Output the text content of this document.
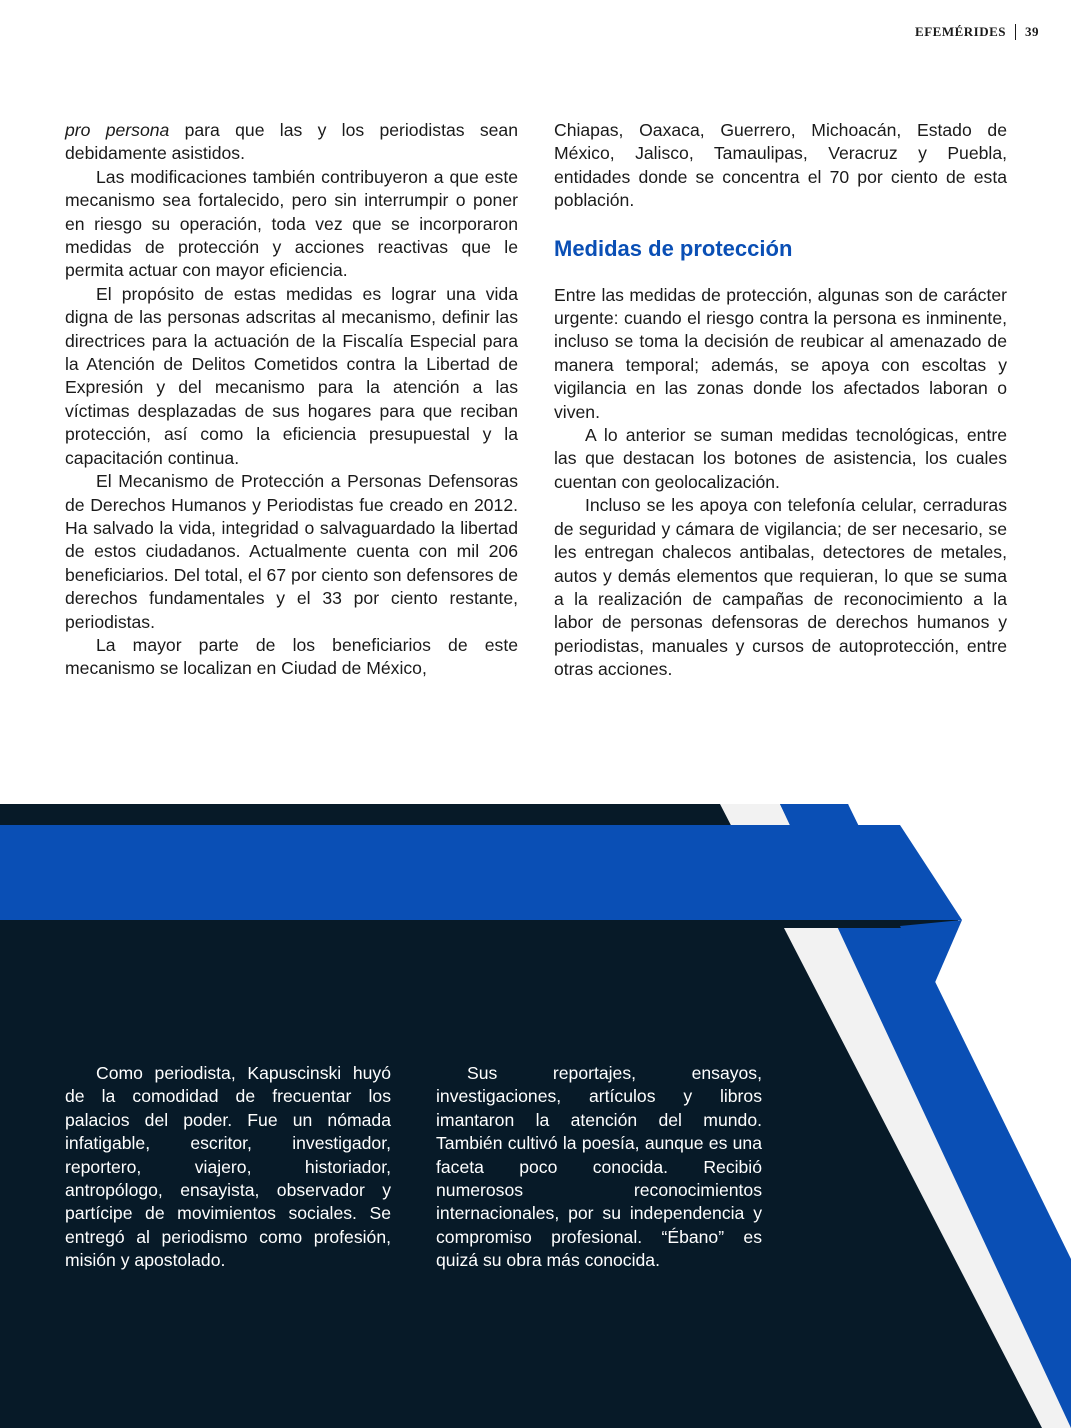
EFEMÉRIDES 39

pro persona para que las y los periodistas sean debidamente asistidos.

Las modificaciones también contribuyeron a que este mecanismo sea fortalecido, pero sin interrumpir o poner en riesgo su operación, toda vez que se incorporaron medidas de protección y acciones reactivas que le permita actuar con mayor eficiencia.

El propósito de estas medidas es lograr una vida digna de las personas adscritas al mecanismo, definir las directrices para la actuación de la Fiscalía Especial para la Atención de Delitos Cometidos contra la Libertad de Expresión y del mecanismo para la atención a las víctimas desplazadas de sus hogares para que reciban protección, así como la eficiencia presupuestal y la capacitación continua.

El Mecanismo de Protección a Personas Defensoras de Derechos Humanos y Periodistas fue creado en 2012. Ha salvado la vida, integridad o salvaguardado la libertad de estos ciudadanos. Actualmente cuenta con mil 206 beneficiarios. Del total, el 67 por ciento son defensores de derechos fundamentales y el 33 por ciento restante, periodistas.

La mayor parte de los beneficiarios de este mecanismo se localizan en Ciudad de México,

Chiapas, Oaxaca, Guerrero, Michoacán, Estado de México, Jalisco, Tamaulipas, Veracruz y Puebla, entidades donde se concentra el 70 por ciento de esta población.

Medidas de protección

Entre las medidas de protección, algunas son de carácter urgente: cuando el riesgo contra la persona es inminente, incluso se toma la decisión de reubicar al amenazado de manera temporal; además, se apoya con escoltas y vigilancia en las zonas donde los afectados laboran o viven.

A lo anterior se suman medidas tecnológicas, entre las que destacan los botones de asistencia, los cuales cuentan con geolocalización.

Incluso se les apoya con telefonía celular, cerraduras de seguridad y cámara de vigilancia; de ser necesario, se les entregan chalecos antibalas, detectores de metales, autos y demás elementos que requieran, lo que se suma a la realización de campañas de reconocimiento a la labor de personas defensoras de derechos humanos y periodistas, manuales y cursos de autoprotección, entre otras acciones.

Como periodista, Kapuscinski huyó de la comodidad de frecuentar los palacios del poder. Fue un nómada infatigable, escritor, investigador, reportero, viajero, historiador, antropólogo, ensayista, observador y partícipe de movimientos sociales. Se entregó al periodismo como profesión, misión y apostolado.

Sus reportajes, ensayos, investigaciones, artículos y libros imantaron la atención del mundo. También cultivó la poesía, aunque es una faceta poco conocida. Recibió numerosos reconocimientos internacionales, por su independencia y compromiso profesional. “Ébano” es quizá su obra más conocida.
